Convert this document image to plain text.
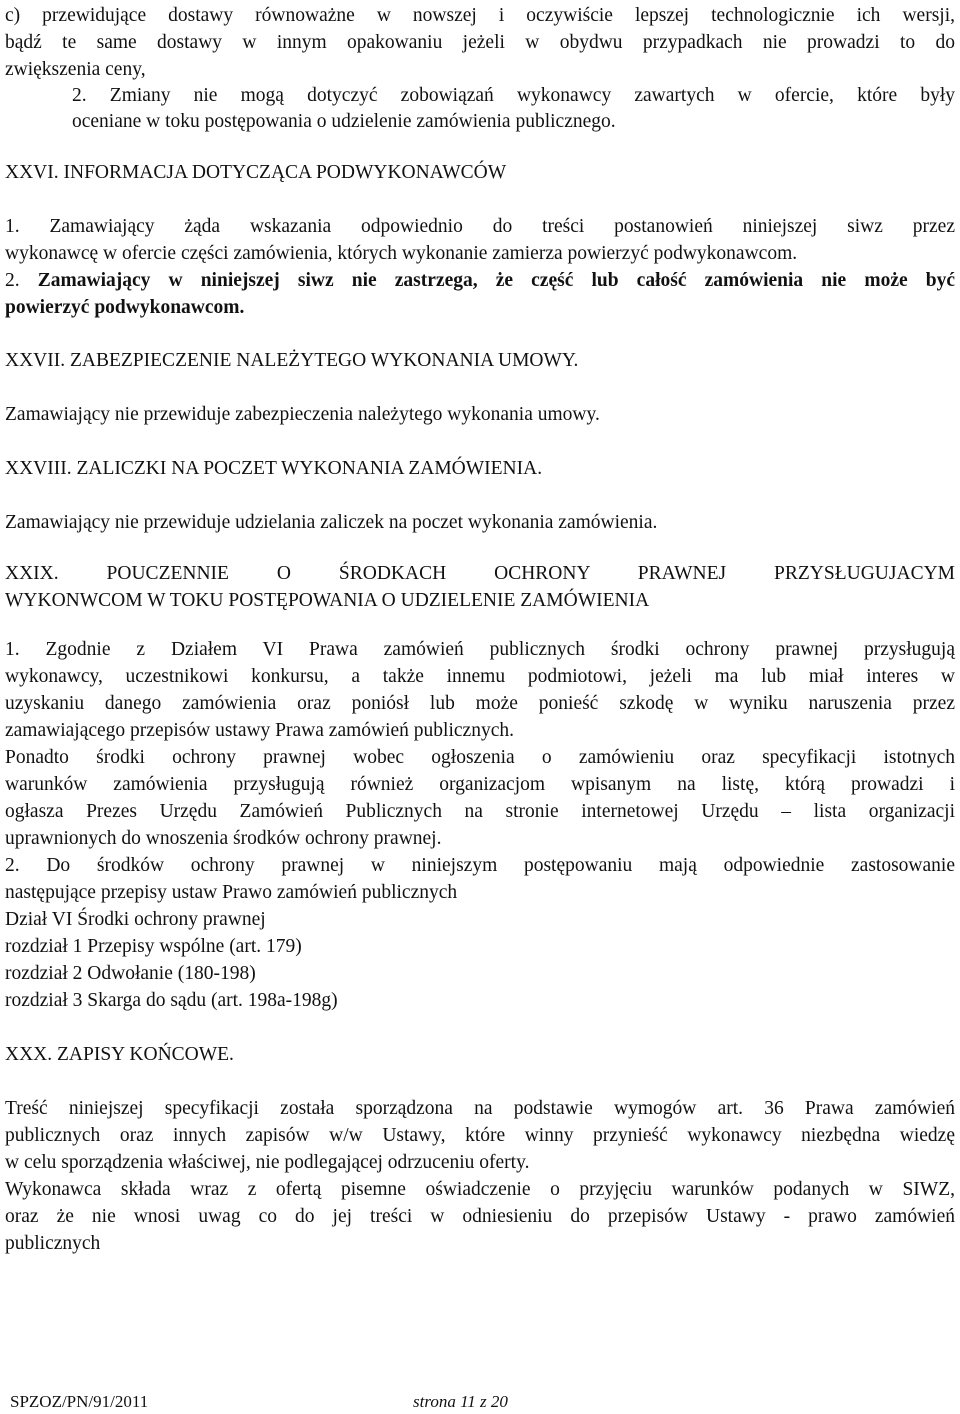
c) przewidujące dostawy równoważne w nowszej i oczywiście lepszej technologicznie ich wersji,
bądź te same dostawy w innym opakowaniu jeżeli w obydwu przypadkach nie prowadzi to do
zwiększenia ceny,
2. Zmiany nie mogą dotyczyć zobowiązań wykonawcy zawartych w ofercie, które były
oceniane w toku postępowania o udzielenie zamówienia publicznego.
XXVI. INFORMACJA DOTYCZĄCA PODWYKONAWCÓW
1. Zamawiający żąda wskazania odpowiednio do treści postanowień niniejszej siwz przez
wykonawcę w ofercie części zamówienia, których wykonanie zamierza powierzyć podwykonawcom.
2. Zamawiający w niniejszej siwz nie zastrzega, że część lub całość zamówienia nie może być
powierzyć podwykonawcom.
XXVII. ZABEZPIECZENIE NALEŻYTEGO WYKONANIA UMOWY.
Zamawiający nie przewiduje zabezpieczenia należytego wykonania umowy.
XXVIII. ZALICZKI NA POCZET WYKONANIA ZAMÓWIENIA.
Zamawiający nie przewiduje udzielania zaliczek na poczet wykonania zamówienia.
XXIX. POUCZENNIE O ŚRODKACH OCHRONY PRAWNEJ PRZYSŁUGUJACYM
WYKONWCOM W TOKU POSTĘPOWANIA O UDZIELENIE ZAMÓWIENIA
1. Zgodnie z Działem VI Prawa zamówień publicznych środki ochrony prawnej przysługują
wykonawcy, uczestnikowi konkursu, a także innemu podmiotowi, jeżeli ma lub miał interes w
uzyskaniu danego zamówienia oraz poniósł lub może ponieść szkodę w wyniku naruszenia przez
zamawiającego przepisów ustawy Prawa zamówień publicznych.
Ponadto środki ochrony prawnej wobec ogłoszenia o zamówieniu oraz specyfikacji istotnych
warunków zamówienia przysługują również organizacjom wpisanym na listę, którą prowadzi i
ogłasza Prezes Urzędu Zamówień Publicznych na stronie internetowej Urzędu – lista organizacji
uprawnionych do wnoszenia środków ochrony prawnej.
2. Do środków ochrony prawnej w niniejszym postępowaniu mają odpowiednie zastosowanie
następujące przepisy ustaw Prawo zamówień publicznych
Dział VI Środki ochrony prawnej
rozdział 1 Przepisy wspólne (art. 179)
rozdział 2 Odwołanie (180-198)
rozdział 3 Skarga do sądu (art. 198a-198g)
XXX. ZAPISY KOŃCOWE.
Treść niniejszej specyfikacji została sporządzona na podstawie wymogów art. 36 Prawa zamówień
publicznych oraz innych zapisów w/w Ustawy, które winny przynieść wykonawcy niezbędna wiedzę
w celu sporządzenia właściwej, nie podlegającej odrzuceniu oferty.
Wykonawca składa wraz z ofertą pisemne oświadczenie o przyjęciu warunków podanych w SIWZ,
oraz że nie wnosi uwag co do jej treści w odniesieniu do przepisów Ustawy - prawo zamówień
publicznych
SPZOZ/PN/91/2011	strona 11 z 20
